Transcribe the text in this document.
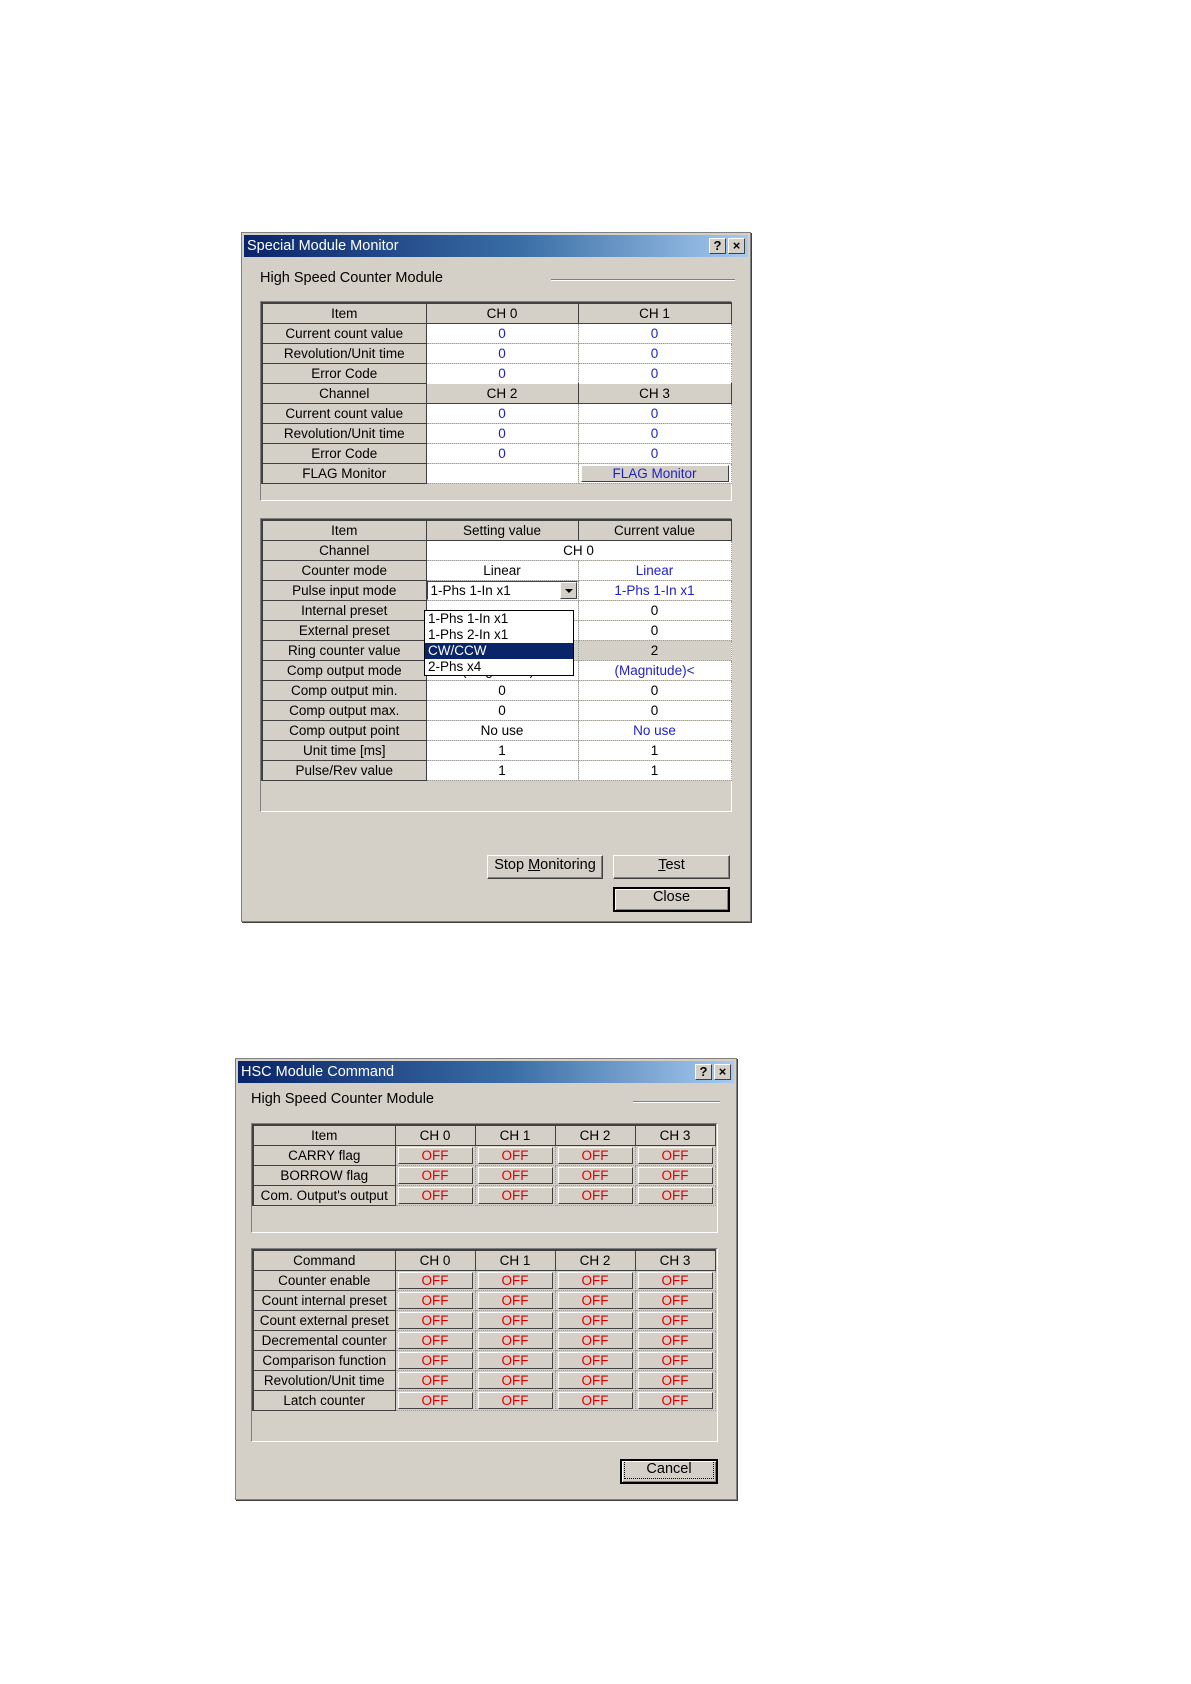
Special Module Monitor	? ×
High Speed Counter Module
Item	CH 0	CH 1
Current count value	0	0
Revolution/Unit time	0	0
Error Code	0	0
Channel	CH 2	CH 3
Current count value	0	0
Revolution/Unit time	0	0
Error Code	0	0
FLAG Monitor		FLAG Monitor
Item	Setting value	Current value
Channel	CH 0	
Counter mode	Linear	Linear
Pulse input mode	1-Phs 1-In x1	1-Phs 1-In x1
Internal preset		0
External preset		0
Ring counter value		2
Comp output mode		(Magnitude)<
Comp output min.	0	0
Comp output max.	0	0
Comp output point	No use	No use
Unit time [ms]	1	1
Pulse/Rev value	1	1
1-Phs 1-In x1
1-Phs 2-In x1
CW/CCW
2-Phs x4
Stop Monitoring	Test
Close
HSC Module Command	? ×
High Speed Counter Module
Item	CH 0	CH 1	CH 2	CH 3
CARRY flag	OFF	OFF	OFF	OFF

BORROW flag	OFF	OFF	OFF	OFF

Com. Output's output	OFF	OFF	OFF	OFF
Command	CH 0	CH 1	CH 2	CH 3
Counter enable	OFF	OFF	OFF	OFF

Count internal preset	OFF	OFF	OFF	OFF

Count external preset	OFF	OFF	OFF	OFF

Decremental counter	OFF	OFF	OFF	OFF

Comparison function	OFF	OFF	OFF	OFF

Revolution/Unit time	OFF	OFF	OFF	OFF

Latch counter	OFF	OFF	OFF	OFF
Cancel
